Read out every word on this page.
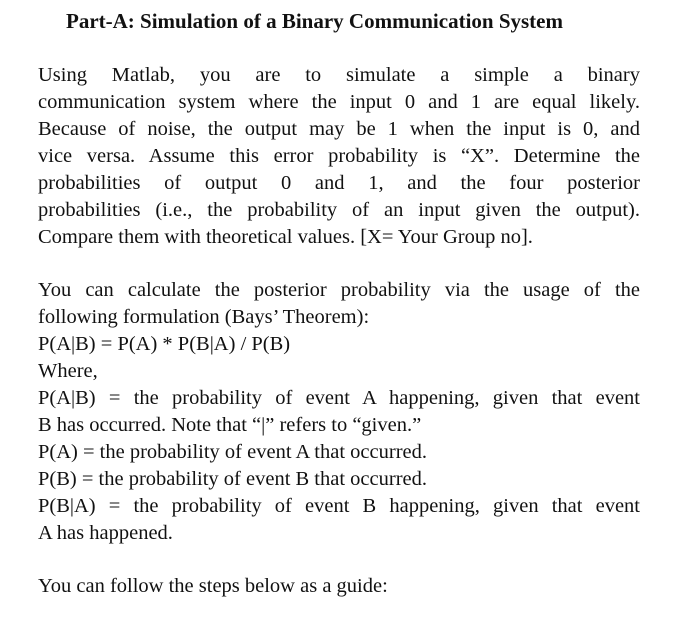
Part-A: Simulation of a Binary Communication System
Using Matlab, you are to simulate a simple a binary
communication system where the input 0 and 1 are equal likely.
Because of noise, the output may be 1 when the input is 0, and
vice versa. Assume this error probability is “X”. Determine the
probabilities of output 0 and 1, and the four posterior
probabilities (i.e., the probability of an input given the output).
Compare them with theoretical values. [X= Your Group no].
You can calculate the posterior probability via the usage of the
following formulation (Bays’ Theorem):
P(A|B) = P(A) * P(B|A) / P(B)
Where,
P(A|B) = the probability of event A happening, given that event
B has occurred. Note that “|” refers to “given.”
P(A) = the probability of event A that occurred.
P(B) = the probability of event B that occurred.
P(B|A) = the probability of event B happening, given that event
A has happened.
You can follow the steps below as a guide:
